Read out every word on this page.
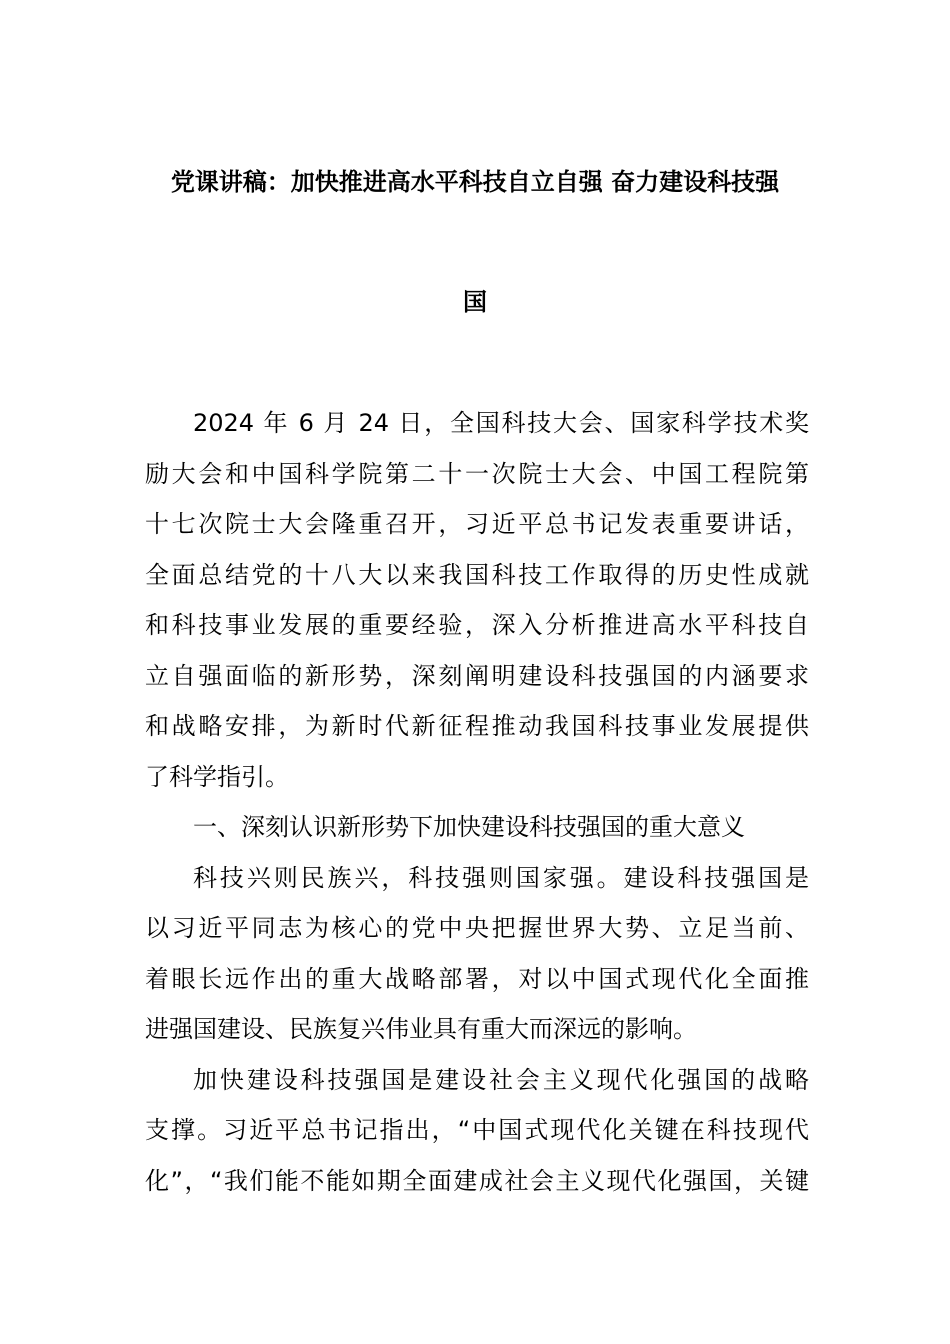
党课讲稿：加快推进高水平科技自立自强 奋力建设科技强
国
2024 年 6 月 24 日，全国科技大会、国家科学技术奖
励大会和中国科学院第二十一次院士大会、中国工程院第
十七次院士大会隆重召开，习近平总书记发表重要讲话，
全面总结党的十八大以来我国科技工作取得的历史性成就
和科技事业发展的重要经验，深入分析推进高水平科技自
立自强面临的新形势，深刻阐明建设科技强国的内涵要求
和战略安排，为新时代新征程推动我国科技事业发展提供
了科学指引。
一、深刻认识新形势下加快建设科技强国的重大意义
科技兴则民族兴，科技强则国家强。建设科技强国是
以习近平同志为核心的党中央把握世界大势、立足当前、
着眼长远作出的重大战略部署，对以中国式现代化全面推
进强国建设、民族复兴伟业具有重大而深远的影响。
加快建设科技强国是建设社会主义现代化强国的战略
支撑。习近平总书记指出，“中国式现代化关键在科技现代
化”，“我们能不能如期全面建成社会主义现代化强国，关键
